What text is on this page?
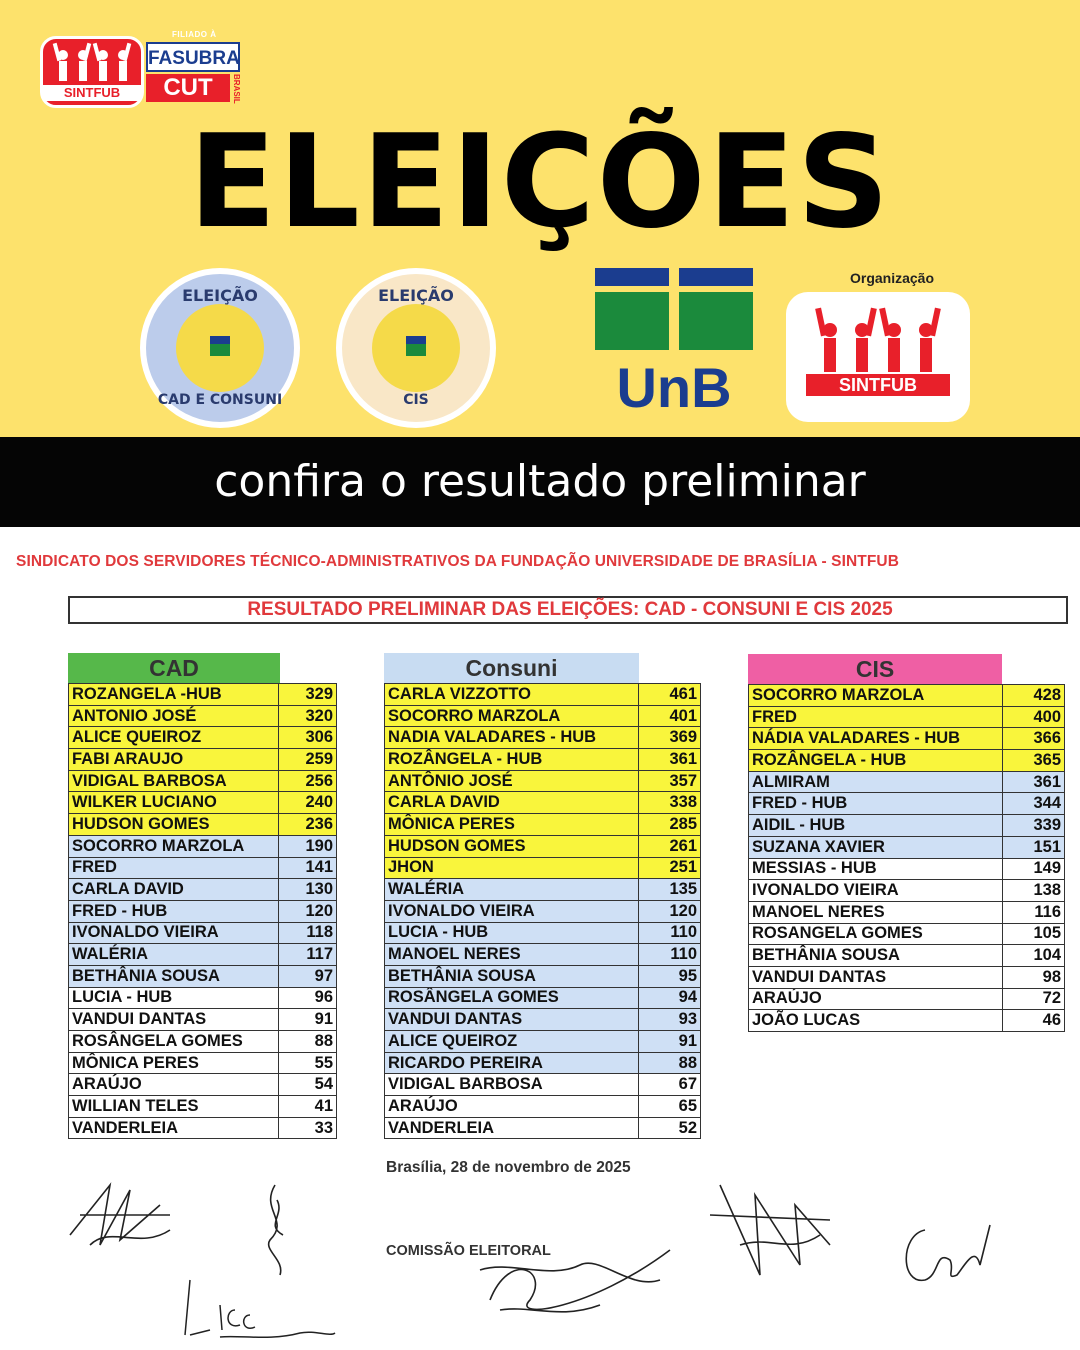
SINTFUB
FILIADO À
FASUBRA
CUT	BRASIL
ELEIÇÕES
ELEIÇÃO
CAD E CONSUNI
ELEIÇÃO
CIS	UnB
Organização
SINTFUB
confira o resultado preliminar
SINDICATO DOS SERVIDORES TÉCNICO-ADMINISTRATIVOS DA FUNDAÇÃO UNIVERSIDADE DE BRASÍLIA - SINTFUB
RESULTADO PRELIMINAR DAS ELEIÇÕES: CAD - CONSUNI E CIS 2025
CAD
ROZANGELA -HUB	329
ANTONIO JOSÉ	320
ALICE QUEIROZ	306
FABI ARAUJO	259
VIDIGAL BARBOSA	256
WILKER LUCIANO	240
HUDSON GOMES	236
SOCORRO MARZOLA	190
FRED	141
CARLA DAVID	130
FRED - HUB	120
IVONALDO VIEIRA	118
WALÉRIA	117
BETHÂNIA SOUSA	97
LUCIA - HUB	96
VANDUI DANTAS	91
ROSÂNGELA GOMES	88
MÔNICA PERES	55
ARAÚJO	54
WILLIAN TELES	41
VANDERLEIA	33
Consuni
CARLA VIZZOTTO	461
SOCORRO MARZOLA	401
NADIA VALADARES - HUB	369
ROZÂNGELA - HUB	361
ANTÔNIO JOSÉ	357
CARLA DAVID	338
MÔNICA PERES	285
HUDSON GOMES	261
JHON	251
WALÉRIA	135
IVONALDO VIEIRA	120
LUCIA - HUB	110
MANOEL NERES	110
BETHÂNIA SOUSA	95
ROSÂNGELA GOMES	94
VANDUI DANTAS	93
ALICE QUEIROZ	91
RICARDO PEREIRA	88
VIDIGAL BARBOSA	67
ARAÚJO	65
VANDERLEIA	52
CIS
SOCORRO MARZOLA	428
FRED	400
NÁDIA VALADARES - HUB	366
ROZÂNGELA - HUB	365
ALMIRAM	361
FRED - HUB	344
AIDIL - HUB	339
SUZANA XAVIER	151
MESSIAS - HUB	149
IVONALDO VIEIRA	138
MANOEL NERES	116
ROSANGELA GOMES	105
BETHÂNIA SOUSA	104
VANDUI DANTAS	98
ARAÚJO	72
JOÃO LUCAS	46
Brasília, 28 de novembro de 2025
COMISSÃO ELEITORAL
